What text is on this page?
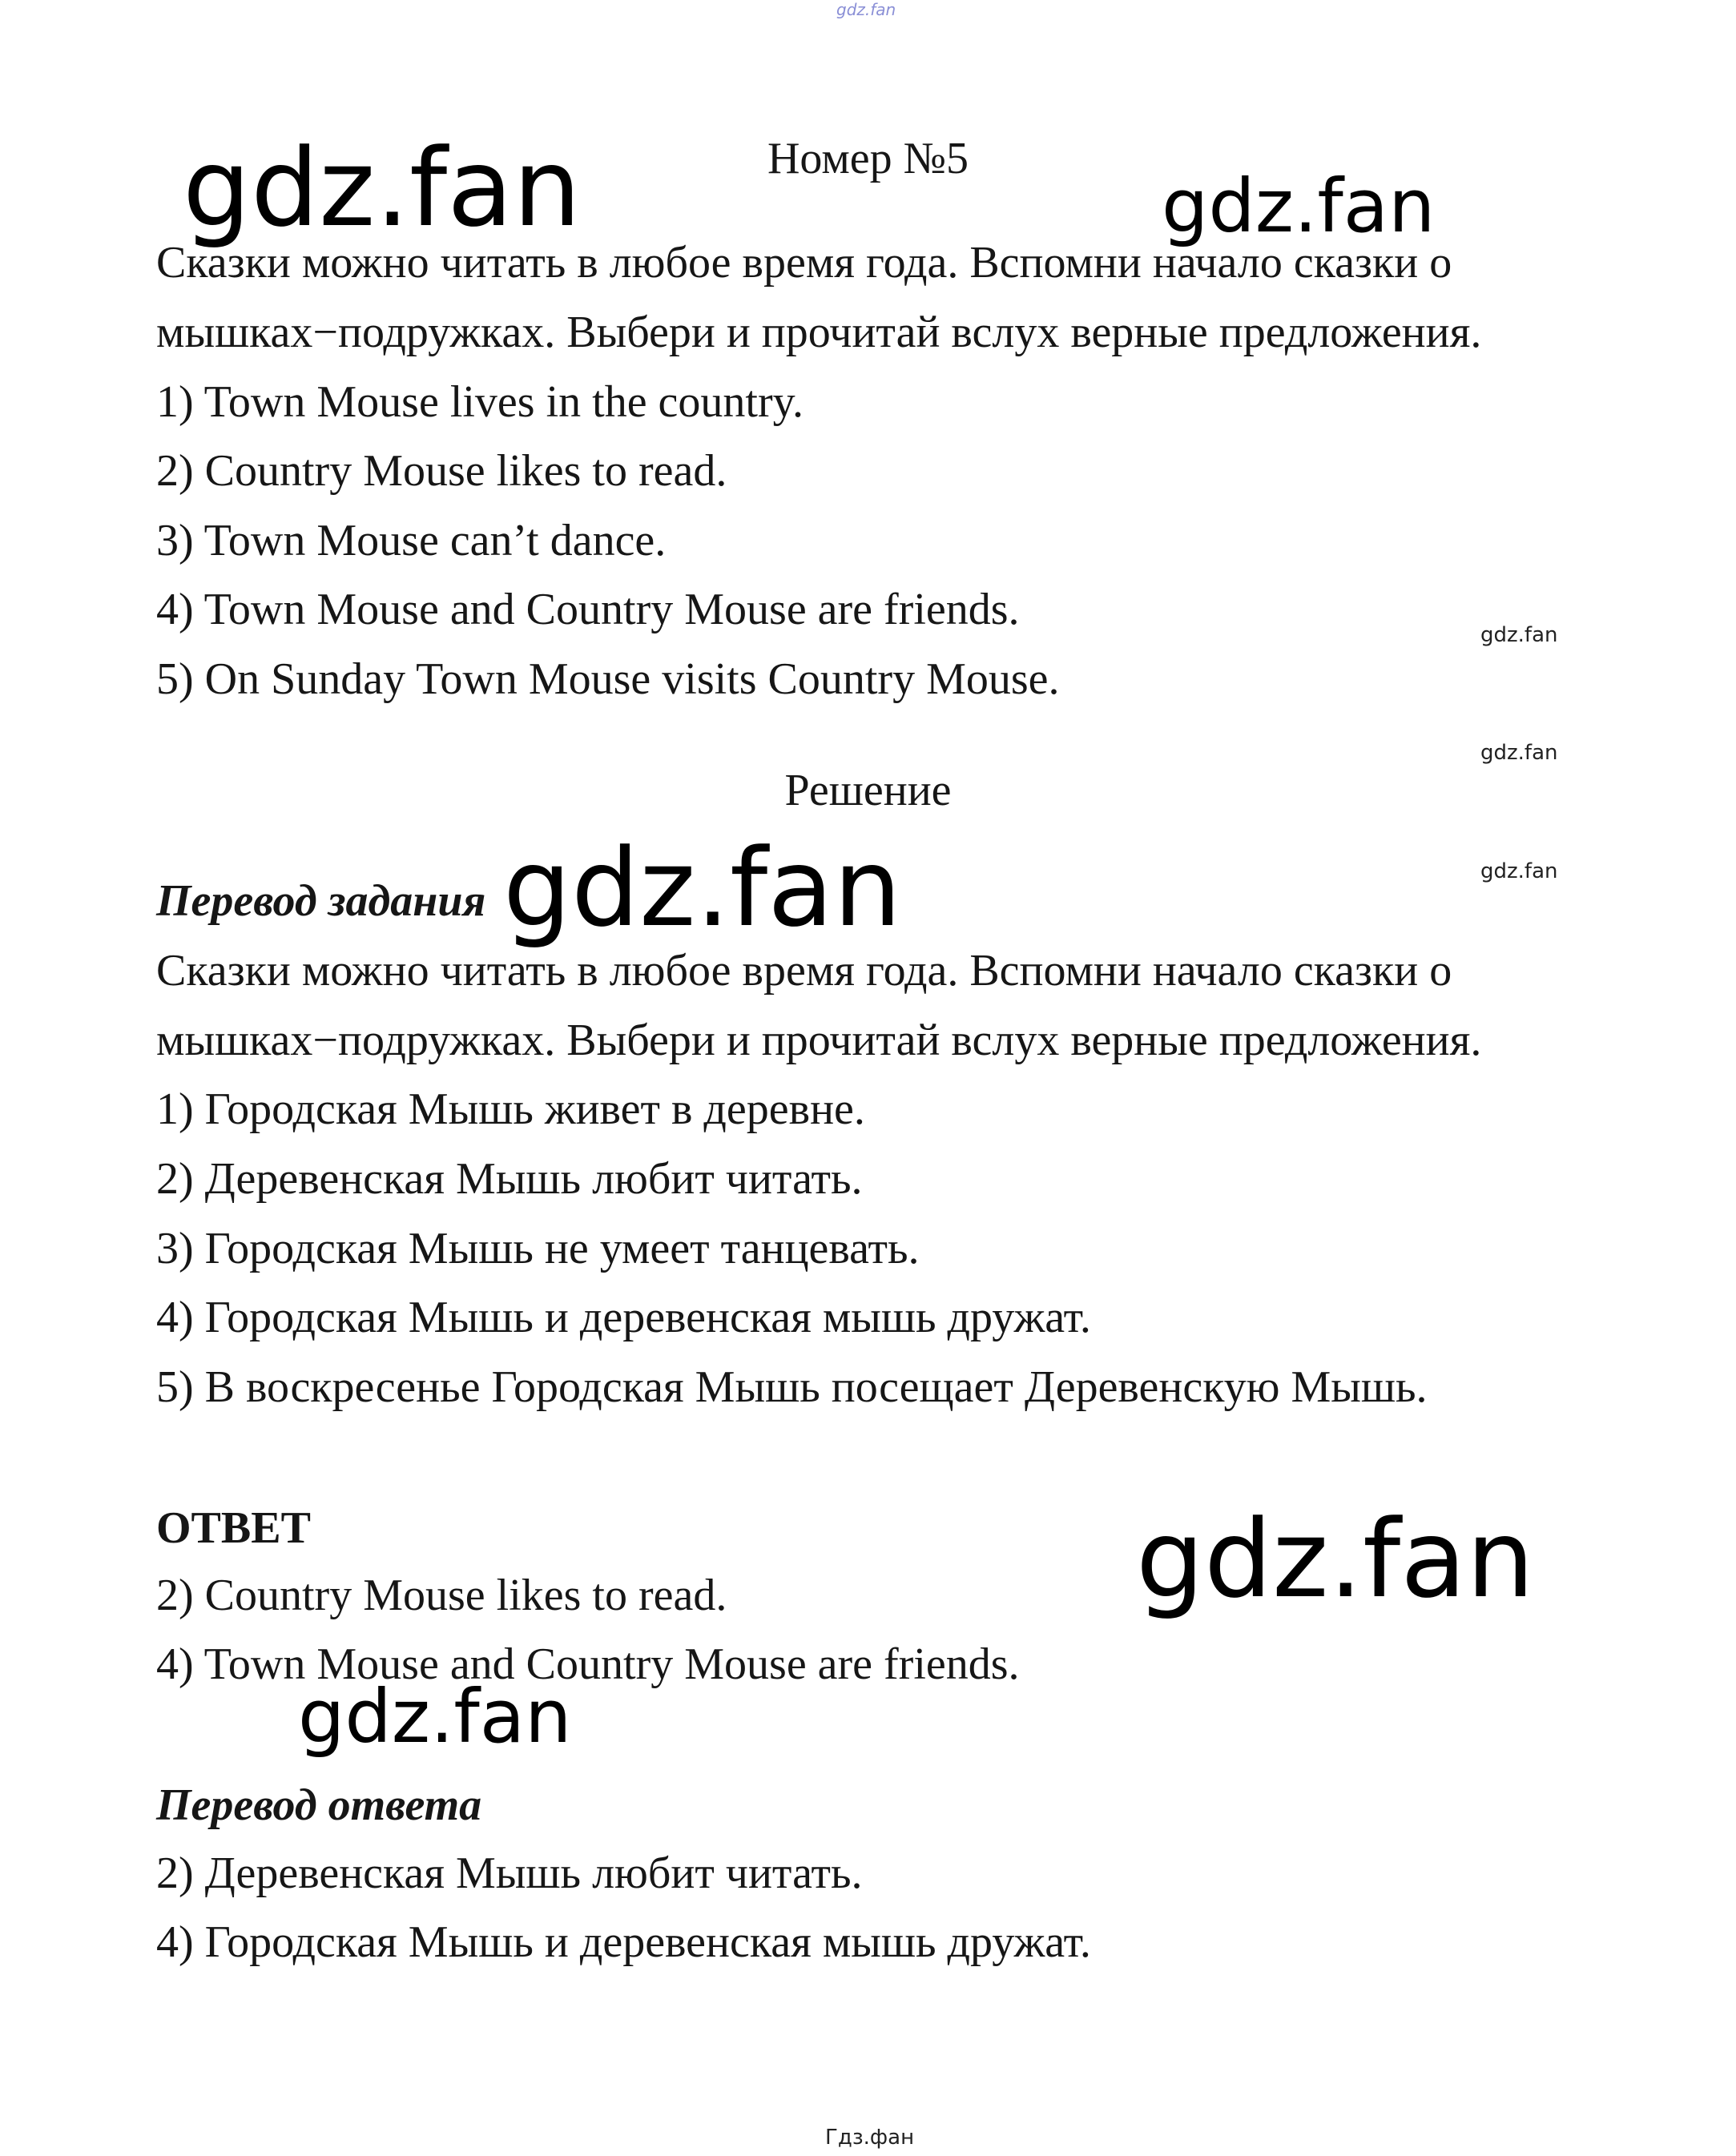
gdz.fan

Номер №5

gdz.fan	gdz.fan

Сказки можно читать в любое время года. Вспомни начало сказки о

мышках−подружках. Выбери и прочитай вслух верные предложения.

1) Town Mouse lives in the country.

2) Country Mouse likes to read.

3) Town Mouse can’t dance.

4) Town Mouse and Country Mouse are friends.

5) On Sunday Town Mouse visits Country Mouse.

gdz.fan

gdz.fan

gdz.fan

Решение

Перевод задания gdz.fan

Сказки можно читать в любое время года. Вспомни начало сказки о

мышках−подружках. Выбери и прочитай вслух верные предложения.

1) Городская Мышь живет в деревне.

2) Деревенская Мышь любит читать.

3) Городская Мышь не умеет танцевать.

4) Городская Мышь и деревенская мышь дружат.

5) В воскресенье Городская Мышь посещает Деревенскую Мышь.

ОТВЕТ	gdz.fan

2) Country Mouse likes to read.

4) Town Mouse and Country Mouse are friends.

gdz.fan

Перевод ответа

2) Деревенская Мышь любит читать.

4) Городская Мышь и деревенская мышь дружат.

Гдз.фан
